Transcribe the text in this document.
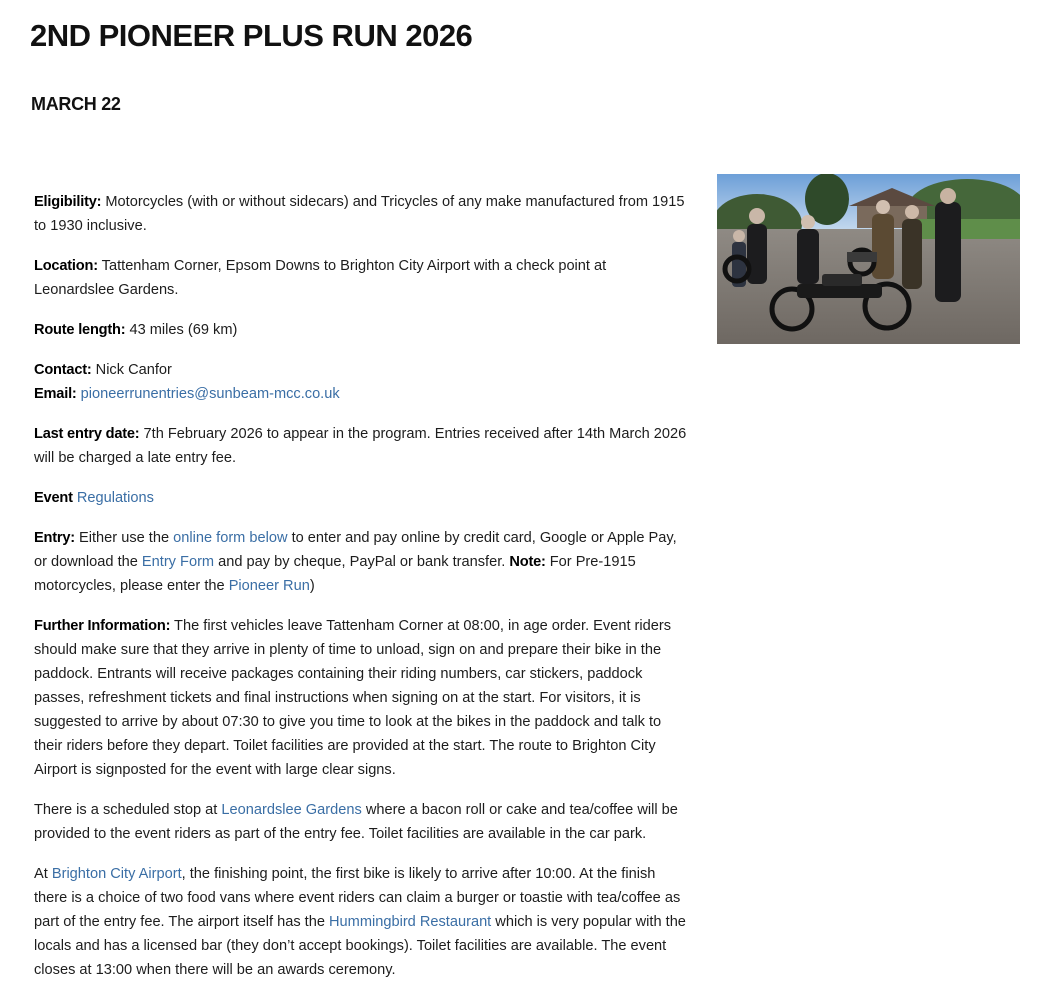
2ND PIONEER PLUS RUN 2026
MARCH 22

Eligibility: Motorcycles (with or without sidecars) and Tricycles of any make manufactured from 1915 to 1930 inclusive.

Location: Tattenham Corner, Epsom Downs to Brighton City Airport with a check point at Leonardslee Gardens.

Route length: 43 miles (69 km)

Contact: Nick Canfor
Email: pioneerrunentries@sunbeam-mcc.co.uk

Last entry date: 7th February 2026 to appear in the program. Entries received after 14th March 2026 will be charged a late entry fee.

Event Regulations

Entry: Either use the online form below to enter and pay online by credit card, Google or Apple Pay, or download the Entry Form and pay by cheque, PayPal or bank transfer. Note: For Pre-1915 motorcycles, please enter the Pioneer Run)

Further Information: The first vehicles leave Tattenham Corner at 08:00, in age order. Event riders should make sure that they arrive in plenty of time to unload, sign on and prepare their bike in the paddock. Entrants will receive packages containing their riding numbers, car stickers, paddock passes, refreshment tickets and final instructions when signing on at the start. For visitors, it is suggested to arrive by about 07:30 to give you time to look at the bikes in the paddock and talk to their riders before they depart. Toilet facilities are provided at the start. The route to Brighton City Airport is signposted for the event with large clear signs.

There is a scheduled stop at Leonardslee Gardens where a bacon roll or cake and tea/coffee will be provided to the event riders as part of the entry fee. Toilet facilities are available in the car park.

At Brighton City Airport, the finishing point, the first bike is likely to arrive after 10:00. At the finish there is a choice of two food vans where event riders can claim a burger or toastie with tea/coffee as part of the entry fee. The airport itself has the Hummingbird Restaurant which is very popular with the locals and has a licensed bar (they don’t accept bookings). Toilet facilities are available. The event closes at 13:00 when there will be an awards ceremony.
